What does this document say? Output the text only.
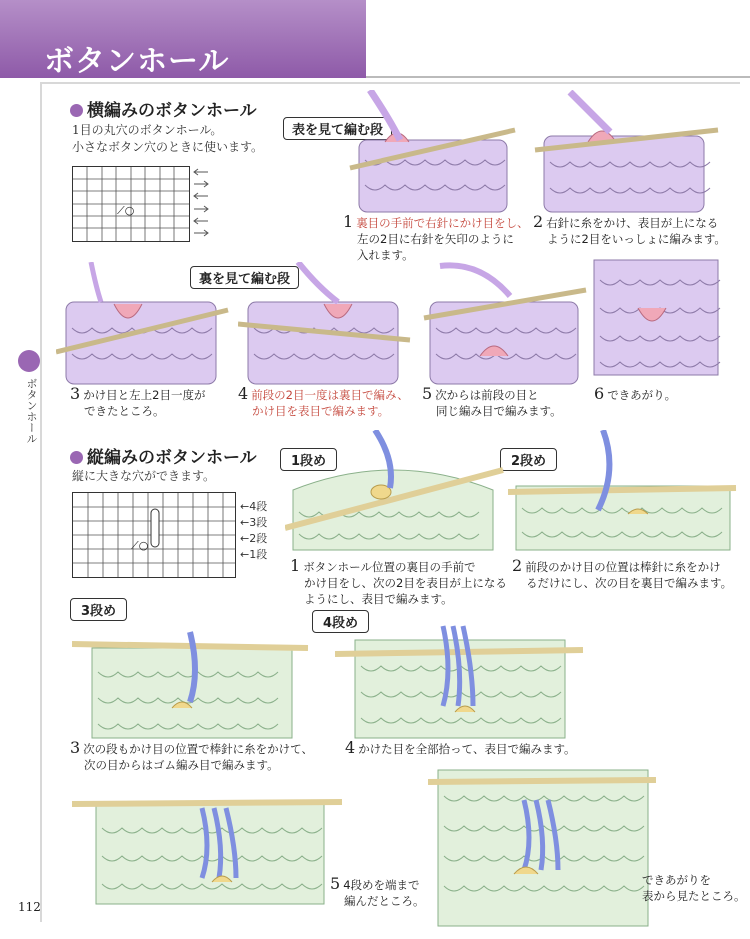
ボタンホール
ボタンホール
横編みのボタンホール
1目の丸穴のボタンホール。
小さなボタン穴のときに使います。
⟋○
表を見て編む段
裏を見て編む段
1 裏目の手前で右針にかけ目をし、
左の2目に右針を矢印のように
入れます。
2 右針に糸をかけ、表目が上になる
ように2目をいっしょに編みます。
3 かけ目と左上2目一度が
できたところ。
4 前段の2目一度は裏目で編み、
かけ目を表目で編みます。
5 次からは前段の目と
同じ編み目で編みます。
6 できあがり。
縦編みのボタンホール
縦に大きな穴ができます。
⟋○
←4段
←3段
←2段
←1段
1段め	2段め
3段め
4段め
1 ボタンホール位置の裏目の手前で
かけ目をし、次の2目を表目が上になる
ようにし、表目で編みます。
2 前段のかけ目の位置は棒針に糸をかけ
るだけにし、次の目を裏目で編みます。
3 次の段もかけ目の位置で棒針に糸をかけて、
次の目からはゴム編み目で編みます。
4 かけた目を全部拾って、表目で編みます。
5 4段めを端まで
編んだところ。
できあがりを
表から見たところ。
112
